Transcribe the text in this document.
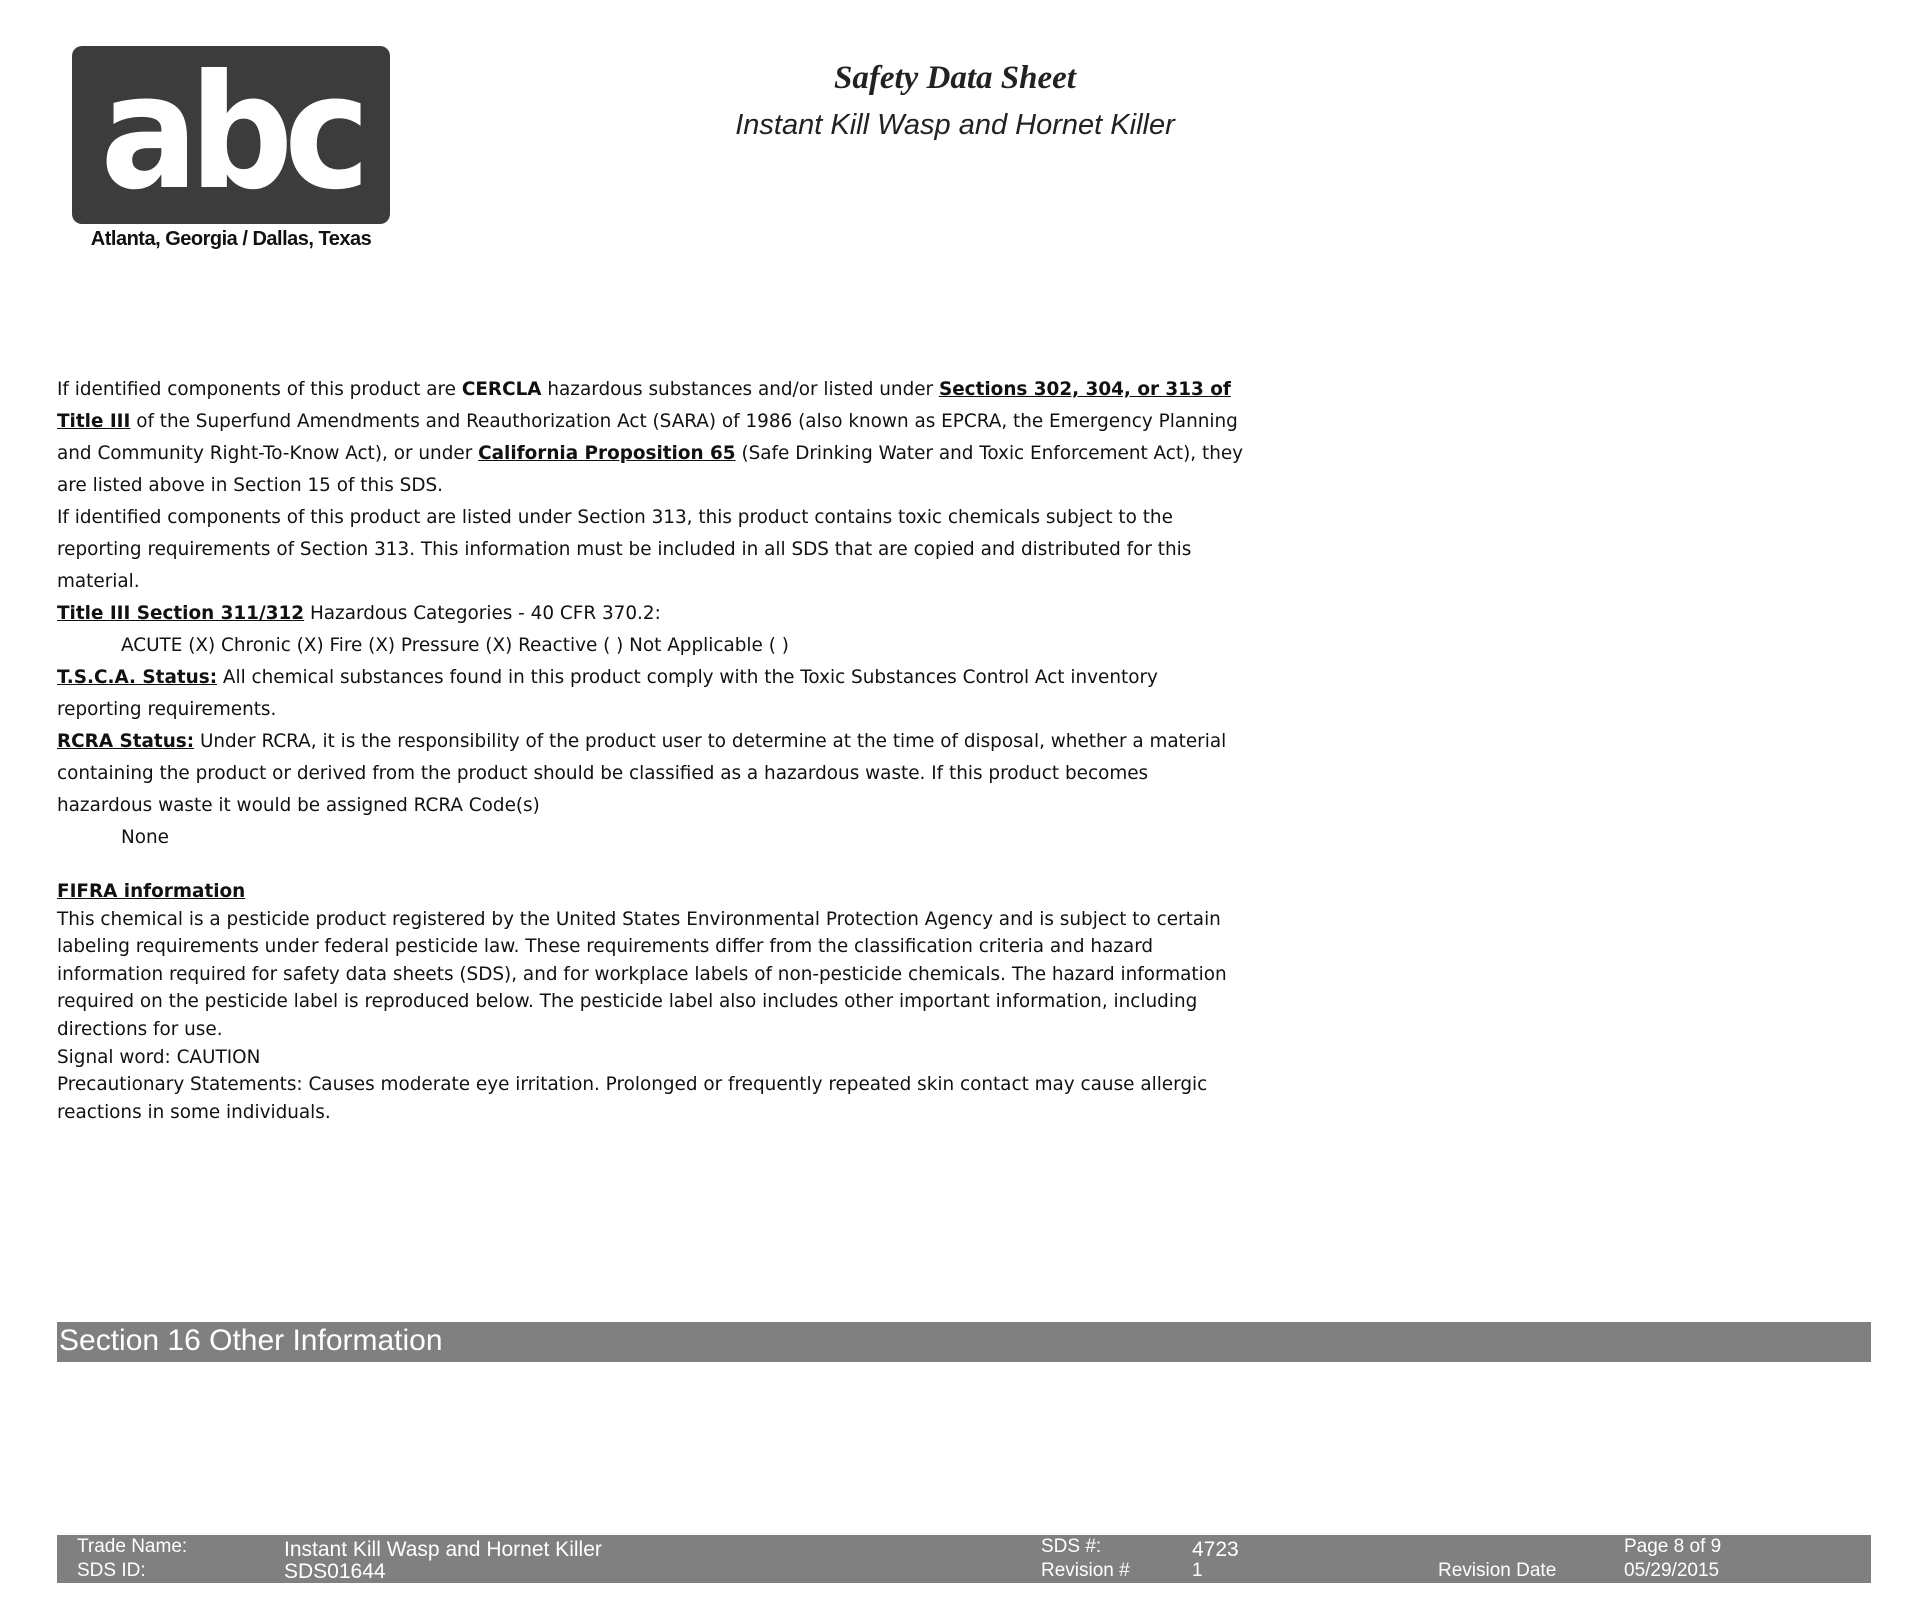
abc
Atlanta, Georgia / Dallas, Texas
Safety Data Sheet
Instant Kill Wasp and Hornet Killer
If identified components of this product are CERCLA hazardous substances and/or listed under Sections 302, 304, or 313 of
Title III of the Superfund Amendments and Reauthorization Act (SARA) of 1986 (also known as EPCRA, the Emergency Planning
and Community Right-To-Know Act), or under California Proposition 65 (Safe Drinking Water and Toxic Enforcement Act), they
are listed above in Section 15 of this SDS.
If identified components of this product are listed under Section 313, this product contains toxic chemicals subject to the
reporting requirements of Section 313. This information must be included in all SDS that are copied and distributed for this
material.
Title III Section 311/312 Hazardous Categories - 40 CFR 370.2:
ACUTE (X) Chronic (X) Fire (X) Pressure (X) Reactive ( ) Not Applicable ( )
T.S.C.A. Status: All chemical substances found in this product comply with the Toxic Substances Control Act inventory
reporting requirements.
RCRA Status: Under RCRA, it is the responsibility of the product user to determine at the time of disposal, whether a material
containing the product or derived from the product should be classified as a hazardous waste. If this product becomes
hazardous waste it would be assigned RCRA Code(s)
None
FIFRA information
This chemical is a pesticide product registered by the United States Environmental Protection Agency and is subject to certain
labeling requirements under federal pesticide law. These requirements differ from the classification criteria and hazard
information required for safety data sheets (SDS), and for workplace labels of non-pesticide chemicals. The hazard information
required on the pesticide label is reproduced below. The pesticide label also includes other important information, including
directions for use.
Signal word: CAUTION
Precautionary Statements: Causes moderate eye irritation. Prolonged or frequently repeated skin contact may cause allergic
reactions in some individuals.
Section 16 Other Information
Trade Name:	Instant Kill Wasp and Hornet Killer	SDS #:	4723	Page 8 of 9
SDS ID:	SDS01644	Revision #	1	Revision Date	05/29/2015
